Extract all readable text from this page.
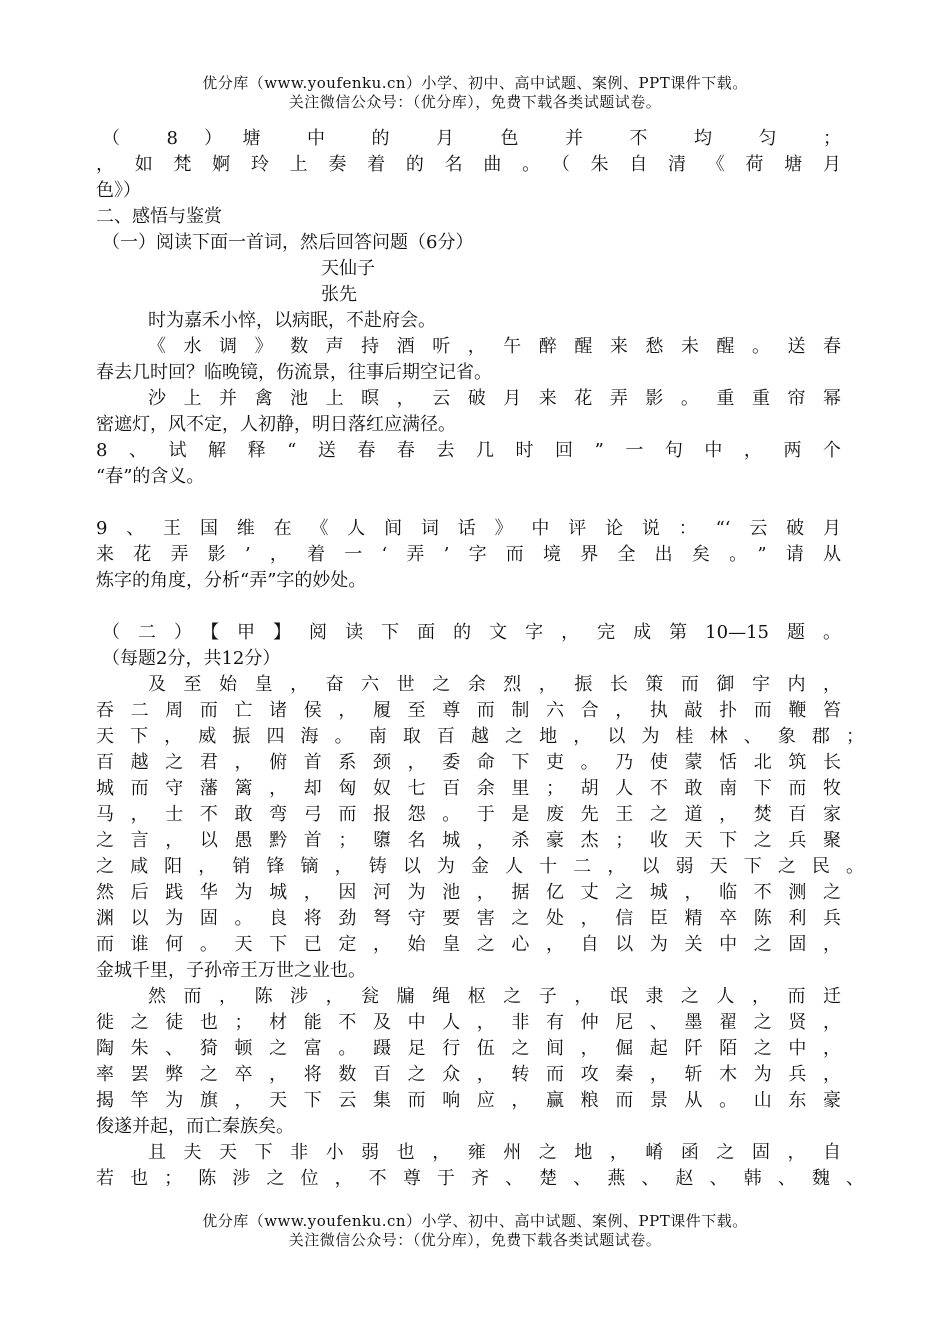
优分库（www.youfenku.cn）小学、初中、高中试题、案例、PPT课件下载。
关注微信公众号：（优分库），免费下载各类试题试卷。
（ 8 ）塘 中 的 月 色 并 不 均 匀 ；
，如梵婀玲上奏着的名曲。（朱自清《荷塘月
色》）
二、感悟与鉴赏
（一）阅读下面一首词，然后回答问题（6分）
天仙子
张先
时为嘉禾小悴，以病眠，不赴府会。
《水调》数声持酒听，午醉醒来愁未醒。送春
春去几时回？临晚镜，伤流景，往事后期空记省。
沙上并禽池上暝，云破月来花弄影。重重帘幂
密遮灯，风不定，人初静，明日落红应满径。
8、试解释“送春春去几时回”一句中，两个
“春”的含义。
9、王国维在《人间词话》中评论说：“‘云破月
来花弄影’，着一‘弄’字而境界全出矣。”请从
炼字的角度，分析“弄”字的妙处。
（二）【甲】阅读下面的文字，完成第10—15题。
（每题2分，共12分）
及至始皇，奋六世之余烈，振长策而御宇内，
吞二周而亡诸侯，履至尊而制六合，执敲扑而鞭笞
天下，威振四海。南取百越之地，以为桂林、象郡；
百越之君，俯首系颈，委命下吏。乃使蒙恬北筑长
城而守藩篱，却匈奴七百余里；胡人不敢南下而牧
马，士不敢弯弓而报怨。于是废先王之道，焚百家
之言，以愚黔首；隳名城，杀豪杰；收天下之兵聚
之咸阳，销锋镝，铸以为金人十二，以弱天下之民。
然后践华为城，因河为池，据亿丈之城，临不测之
渊以为固。良将劲弩守要害之处，信臣精卒陈利兵
而谁何。天下已定，始皇之心，自以为关中之固，
金城千里，子孙帝王万世之业也。
然而，陈涉，瓮牖绳枢之子，氓隶之人，而迁
徙之徒也；材能不及中人，非有仲尼、墨翟之贤，
陶朱、猗顿之富。蹑足行伍之间，倔起阡陌之中，
率罢弊之卒，将数百之众，转而攻秦，斩木为兵，
揭竿为旗，天下云集而响应，赢粮而景从。山东豪
俊遂并起，而亡秦族矣。
且夫天下非小弱也，雍州之地，崤函之固，自
若也；陈涉之位，不尊于齐、楚、燕、赵、韩、魏、
优分库（www.youfenku.cn）小学、初中、高中试题、案例、PPT课件下载。
关注微信公众号：（优分库），免费下载各类试题试卷。
